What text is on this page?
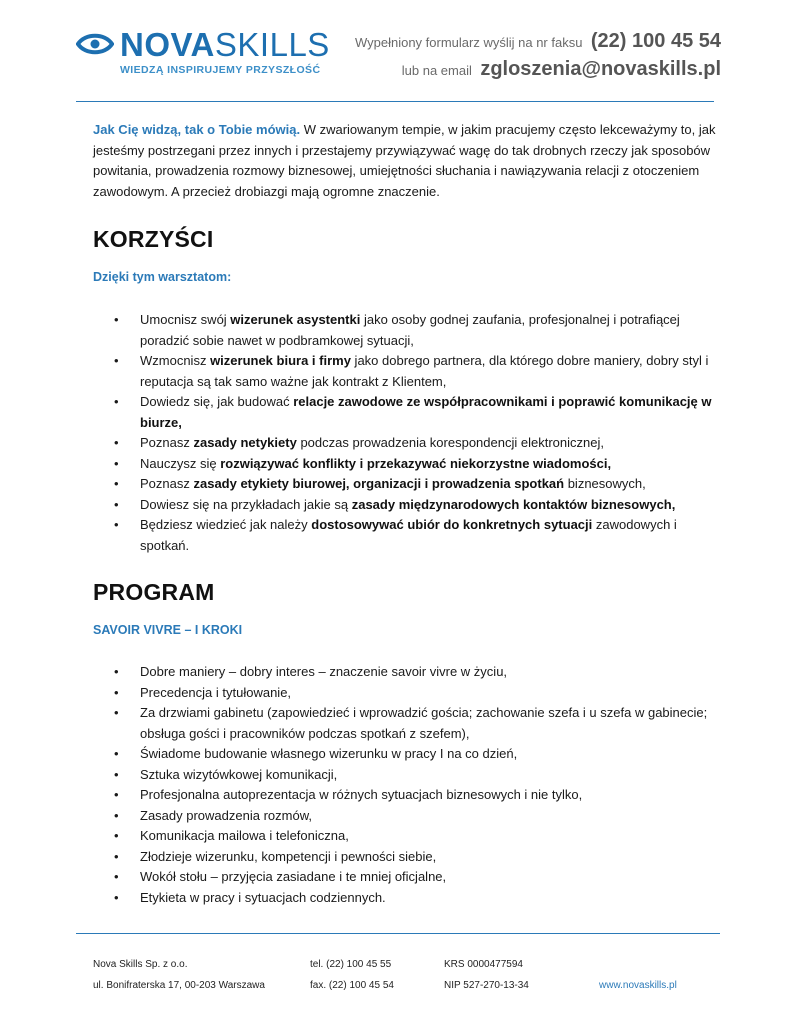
NOVASKILLS
WIEDZĄ INSPIRUJEMY PRZYSZŁOŚĆ
Wypełniony formularz wyślij na nr faksu (22) 100 45 54
lub na email zgloszenia@novaskills.pl

Jak Cię widzą, tak o Tobie mówią. W zwariowanym tempie, w jakim pracujemy często lekceważymy to, jak jesteśmy postrzegani przez innych i przestajemy przywiązywać wagę do tak drobnych rzeczy jak sposobów powitania, prowadzenia rozmowy biznesowej, umiejętności słuchania i nawiązywania relacji z otoczeniem zawodowym. A przecież drobiazgi mają ogromne znaczenie.

KORZYŚCI
Dzięki tym warsztatom:
• Umocnisz swój wizerunek asystentki jako osoby godnej zaufania, profesjonalnej i potrafiącej poradzić sobie nawet w podbramkowej sytuacji,
• Wzmocnisz wizerunek biura i firmy jako dobrego partnera, dla którego dobre maniery, dobry styl i reputacja są tak samo ważne jak kontrakt z Klientem,
• Dowiedz się, jak budować relacje zawodowe ze współpracownikami i poprawić komunikację w biurze,
• Poznasz zasady netykiety podczas prowadzenia korespondencji elektronicznej,
• Nauczysz się rozwiązywać konflikty i przekazywać niekorzystne wiadomości,
• Poznasz zasady etykiety biurowej, organizacji i prowadzenia spotkań biznesowych,
• Dowiesz się na przykładach jakie są zasady międzynarodowych kontaktów biznesowych,
• Będziesz wiedzieć jak należy dostosowywać ubiór do konkretnych sytuacji zawodowych i spotkań.
PROGRAM
SAVOIR VIVRE – I KROKI
• Dobre maniery – dobry interes – znaczenie savoir vivre w życiu,
• Precedencja i tytułowanie,
• Za drzwiami gabinetu (zapowiedzieć i wprowadzić gościa; zachowanie szefa i u szefa w gabinecie; obsługa gości i pracowników podczas spotkań z szefem),
• Świadome budowanie własnego wizerunku w pracy I na co dzień,
• Sztuka wizytówkowej komunikacji,
• Profesjonalna autoprezentacja w różnych sytuacjach biznesowych i nie tylko,
• Zasady prowadzenia rozmów,
• Komunikacja mailowa i telefoniczna,
• Złodzieje wizerunku, kompetencji i pewności siebie,
• Wokół stołu – przyjęcia zasiadane i te mniej oficjalne,
• Etykieta w pracy i sytuacjach codziennych.
Nova Skills Sp. z o.o.
ul. Bonifraterska 17, 00-203 Warszawa
tel. (22) 100 45 55
fax. (22) 100 45 54
KRS 0000477594
NIP 527-270-13-34	www.novaskills.pl
